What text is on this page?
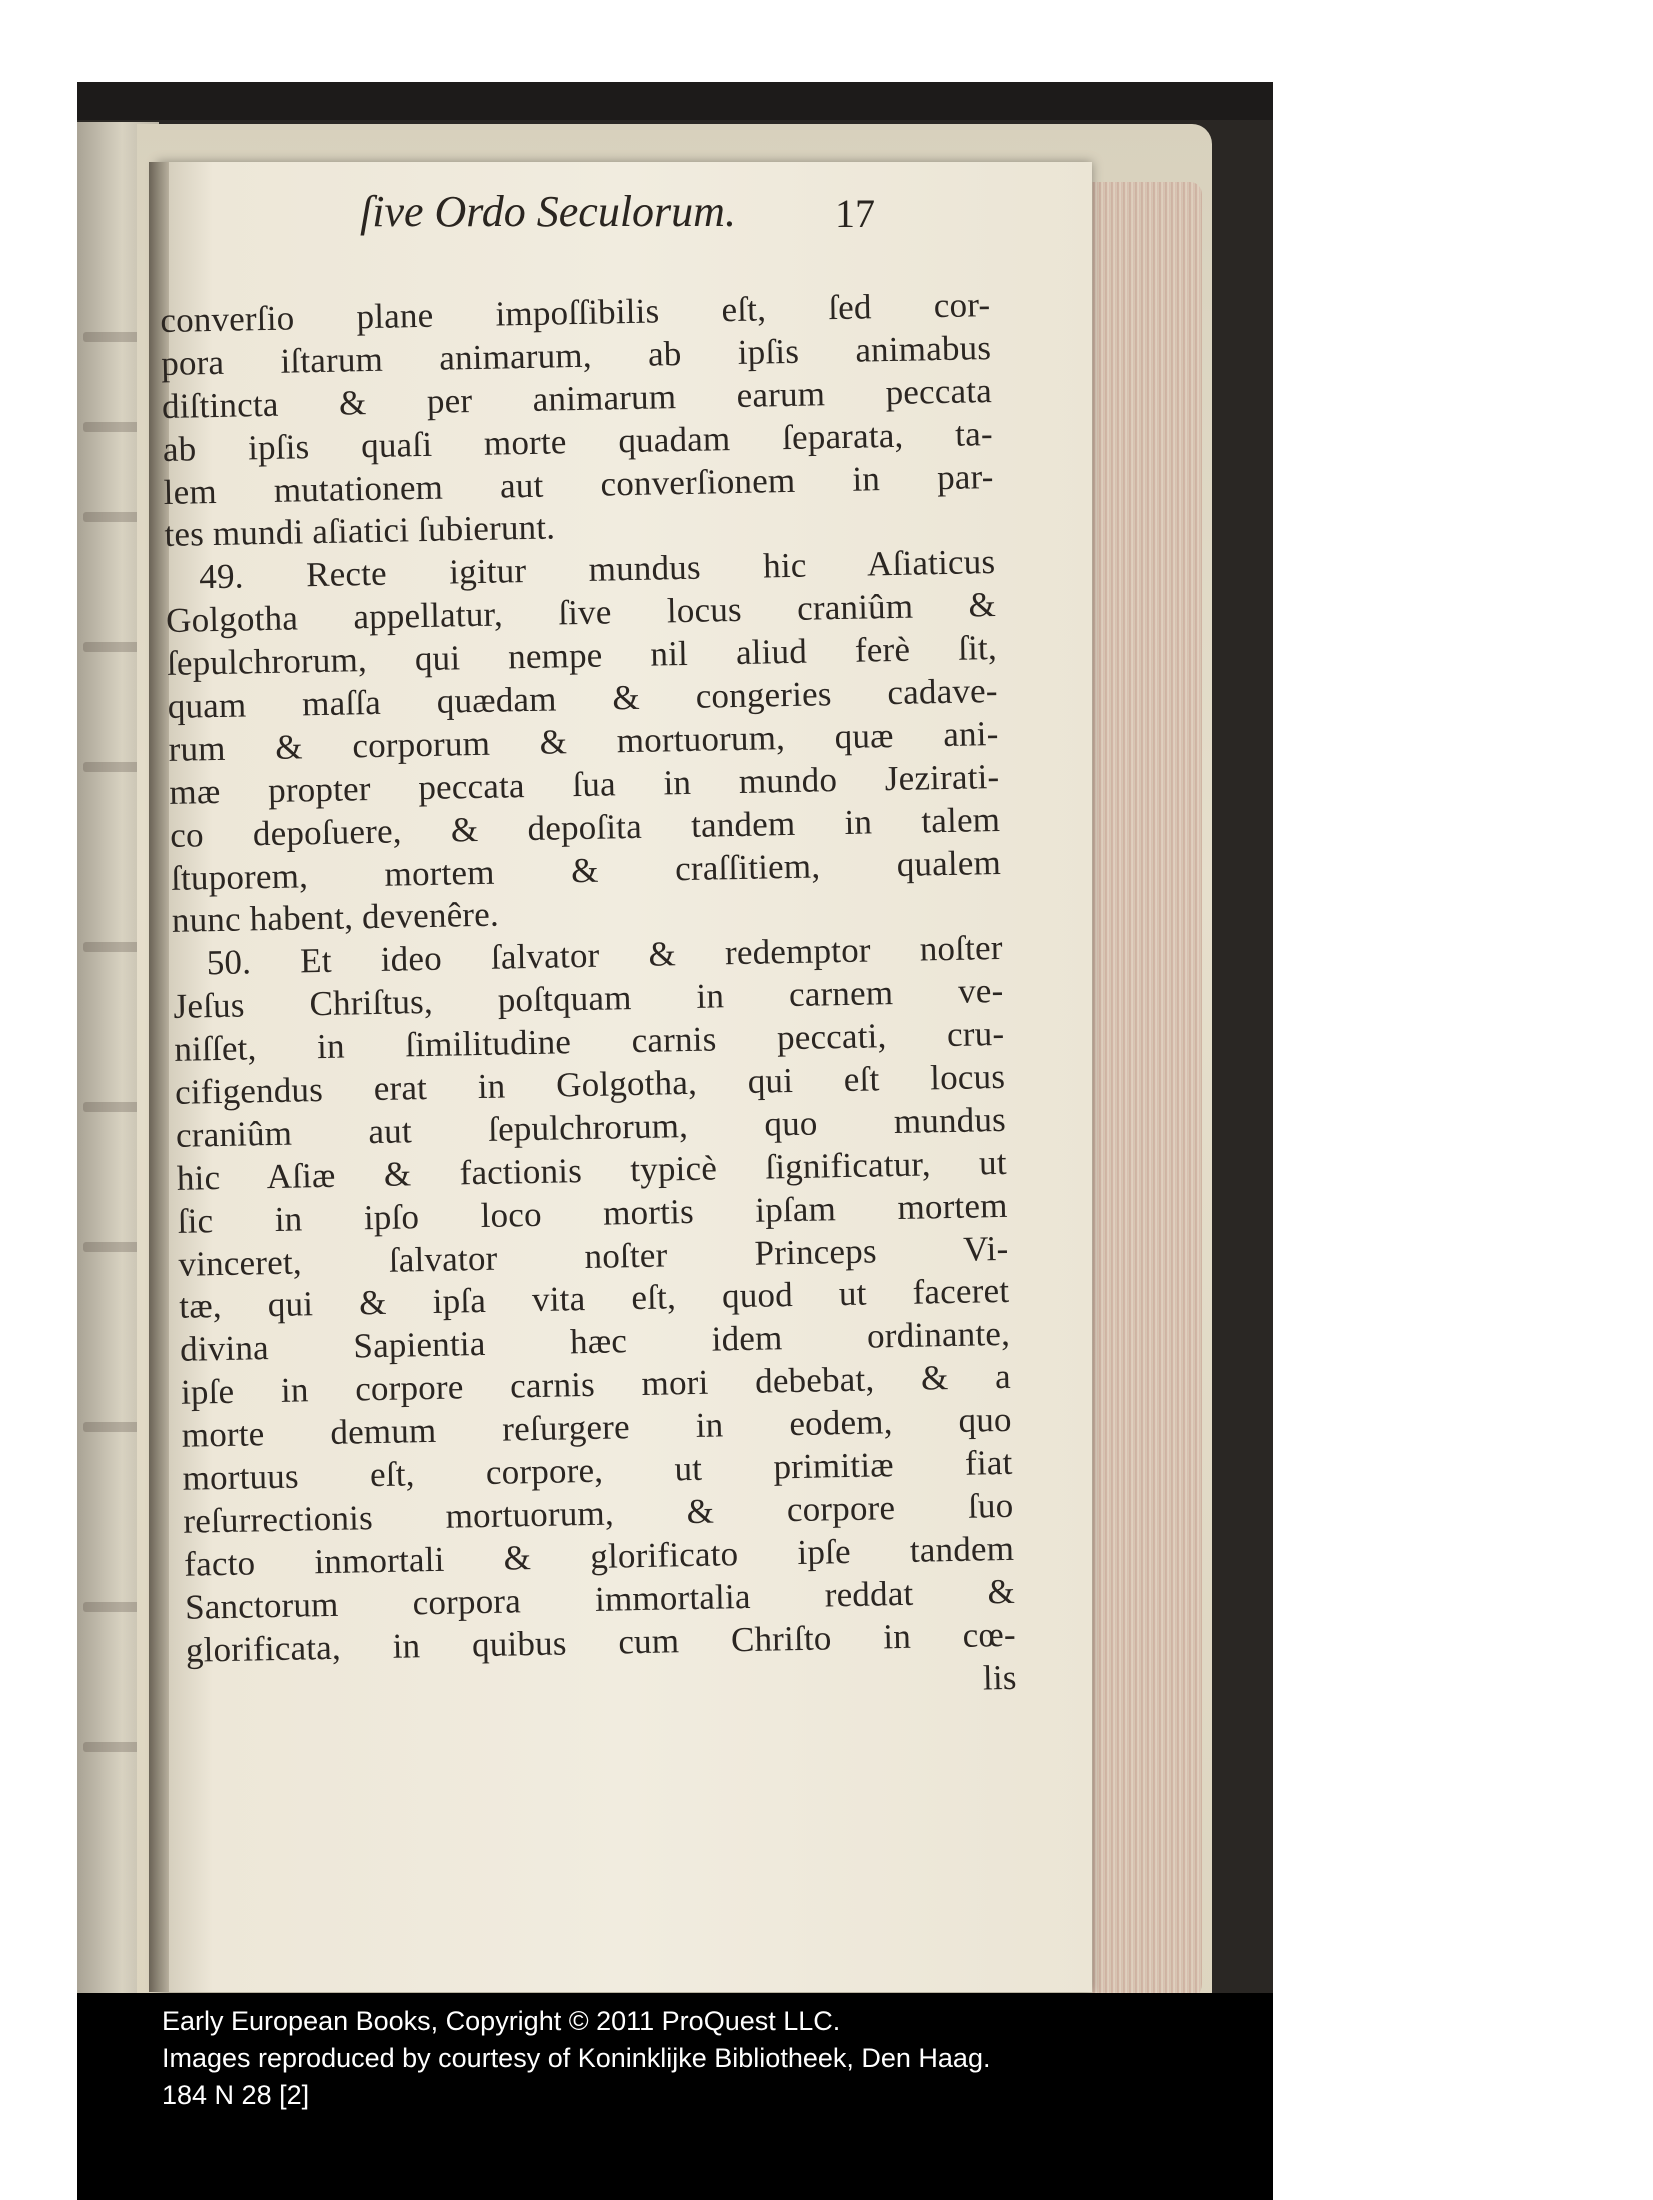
ſive Ordo Seculorum. 17
converſio plane impoſſibilis eſt, ſed cor-
pora iſtarum animarum, ab ipſis animabus
diſtincta & per animarum earum peccata
ab ipſis quaſi morte quadam ſeparata, ta-
lem mutationem aut converſionem in par-
tes mundi aſiatici ſubierunt.
49. Recte igitur mundus hic Aſiaticus
Golgotha appellatur, ſive locus craniûm &
ſepulchrorum, qui nempe nil aliud ferè ſit,
quam maſſa quædam & congeries cadave-
rum & corporum & mortuorum, quæ ani-
mæ propter peccata ſua in mundo Jezirati-
co depoſuere, & depoſita tandem in talem
ſtuporem, mortem & craſſitiem, qualem
nunc habent, devenêre.
50. Et ideo ſalvator & redemptor noſter
Jeſus Chriſtus, poſtquam in carnem ve-
niſſet, in ſimilitudine carnis peccati, cru-
cifigendus erat in Golgotha, qui eſt locus
craniûm aut ſepulchrorum, quo mundus
hic Aſiæ & factionis typicè ſignificatur, ut
ſic in ipſo loco mortis ipſam mortem
vinceret, ſalvator noſter Princeps Vi-
tæ, qui & ipſa vita eſt, quod ut faceret
divina Sapientia hæc idem ordinante,
ipſe in corpore carnis mori debebat, & a
morte demum reſurgere in eodem, quo
mortuus eſt, corpore, ut primitiæ fiat
reſurrectionis mortuorum, & corpore ſuo
facto inmortali & glorificato ipſe tandem
Sanctorum corpora immortalia reddat &
glorificata, in quibus cum Chriſto in cœ-
lis
Early European Books, Copyright © 2011 ProQuest LLC.
Images reproduced by courtesy of Koninklijke Bibliotheek, Den Haag.
184 N 28 [2]
